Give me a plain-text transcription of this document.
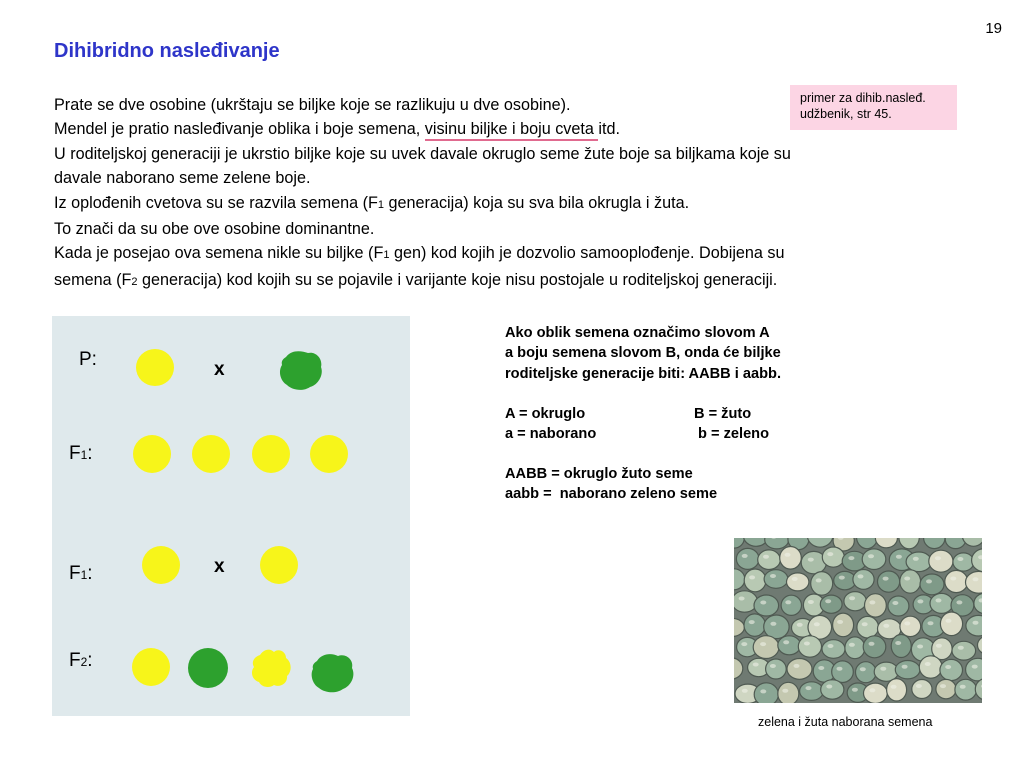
19
Dihibridno nasleđivanje
primer za dihib.nasleđ.
udžbenik, str 45.
Prate se dve osobine (ukrštaju se biljke koje se razlikuju u dve osobine).
Mendel je pratio nasleđivanje oblika i boje semena, visinu biljke i boju cveta itd.
U roditeljskoj generaciji je ukrstio biljke koje su uvek davale okruglo seme žute boje sa biljkama koje su
davale naborano seme zelene boje.
Iz oplođenih cvetova su se razvila semena (F1 generacija) koja su sva bila okrugla i žuta.
To znači da su obe ove osobine dominantne.
Kada je posejao ova semena nikle su biljke (F1 gen) kod kojih je dozvolio samooplođenje. Dobijena su
semena (F2 generacija) kod kojih su se pojavile i varijante koje nisu postojale u roditeljskoj generaciji.
P:	x
F1:
F1:	x
F2:
Ako oblik semena označimo slovom A
a boju semena slovom B, onda će biljke
roditeljske generacije biti: AABB i aabb.
A = okruglo	B = žuto
a = naborano	b = zeleno
AABB = okruglo žuto seme
aabb =  naborano zeleno seme
zelena i žuta naborana semena
